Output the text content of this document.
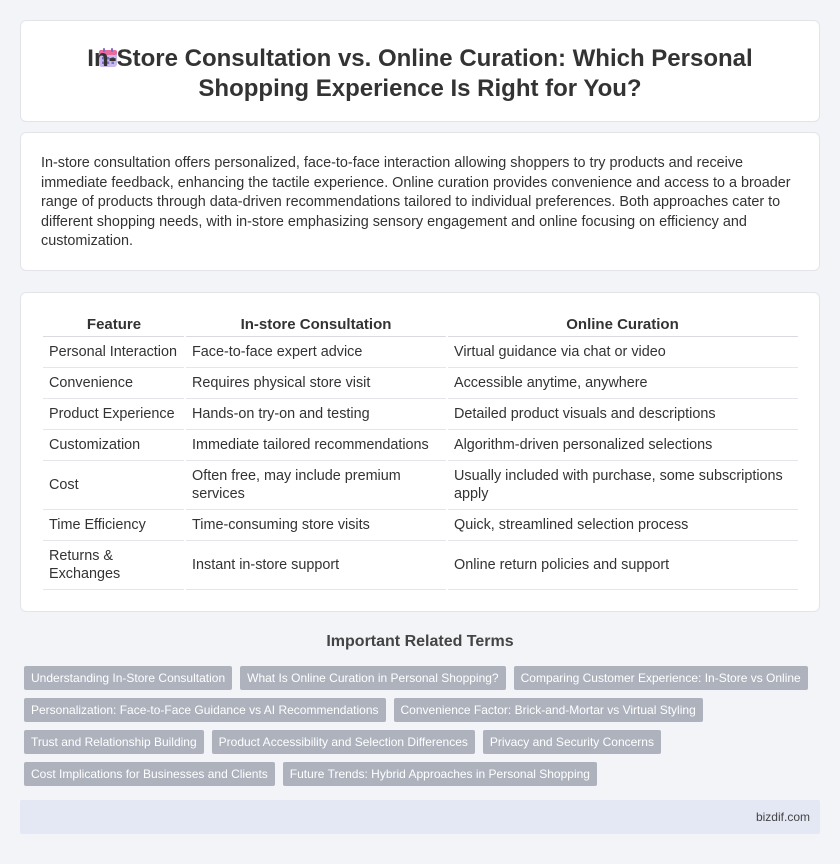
In-Store Consultation vs. Online Curation: Which Personal
Shopping Experience Is Right for You?

In-store consultation offers personalized, face-to-face interaction allowing shoppers to try products and receive immediate feedback, enhancing the tactile experience. Online curation provides convenience and access to a broader range of products through data-driven recommendations tailored to individual preferences. Both approaches cater to different shopping needs, with in-store emphasizing sensory engagement and online focusing on efficiency and customization.

Feature	In-store Consultation	Online Curation
Personal Interaction	Face-to-face expert advice	Virtual guidance via chat or video
Convenience	Requires physical store visit	Accessible anytime, anywhere
Product Experience	Hands-on try-on and testing	Detailed product visuals and descriptions
Customization	Immediate tailored recommendations	Algorithm-driven personalized selections
Cost	Often free, may include premium services	Usually included with purchase, some subscriptions apply
Time Efficiency	Time-consuming store visits	Quick, streamlined selection process
Returns & Exchanges	Instant in-store support	Online return policies and support
Important Related Terms
Understanding In-Store Consultation	What Is Online Curation in Personal Shopping?	Comparing Customer Experience: In-Store vs Online
Personalization: Face-to-Face Guidance vs AI Recommendations	Convenience Factor: Brick-and-Mortar vs Virtual Styling
Trust and Relationship Building	Product Accessibility and Selection Differences	Privacy and Security Concerns
Cost Implications for Businesses and Clients	Future Trends: Hybrid Approaches in Personal Shopping
bizdif.com
